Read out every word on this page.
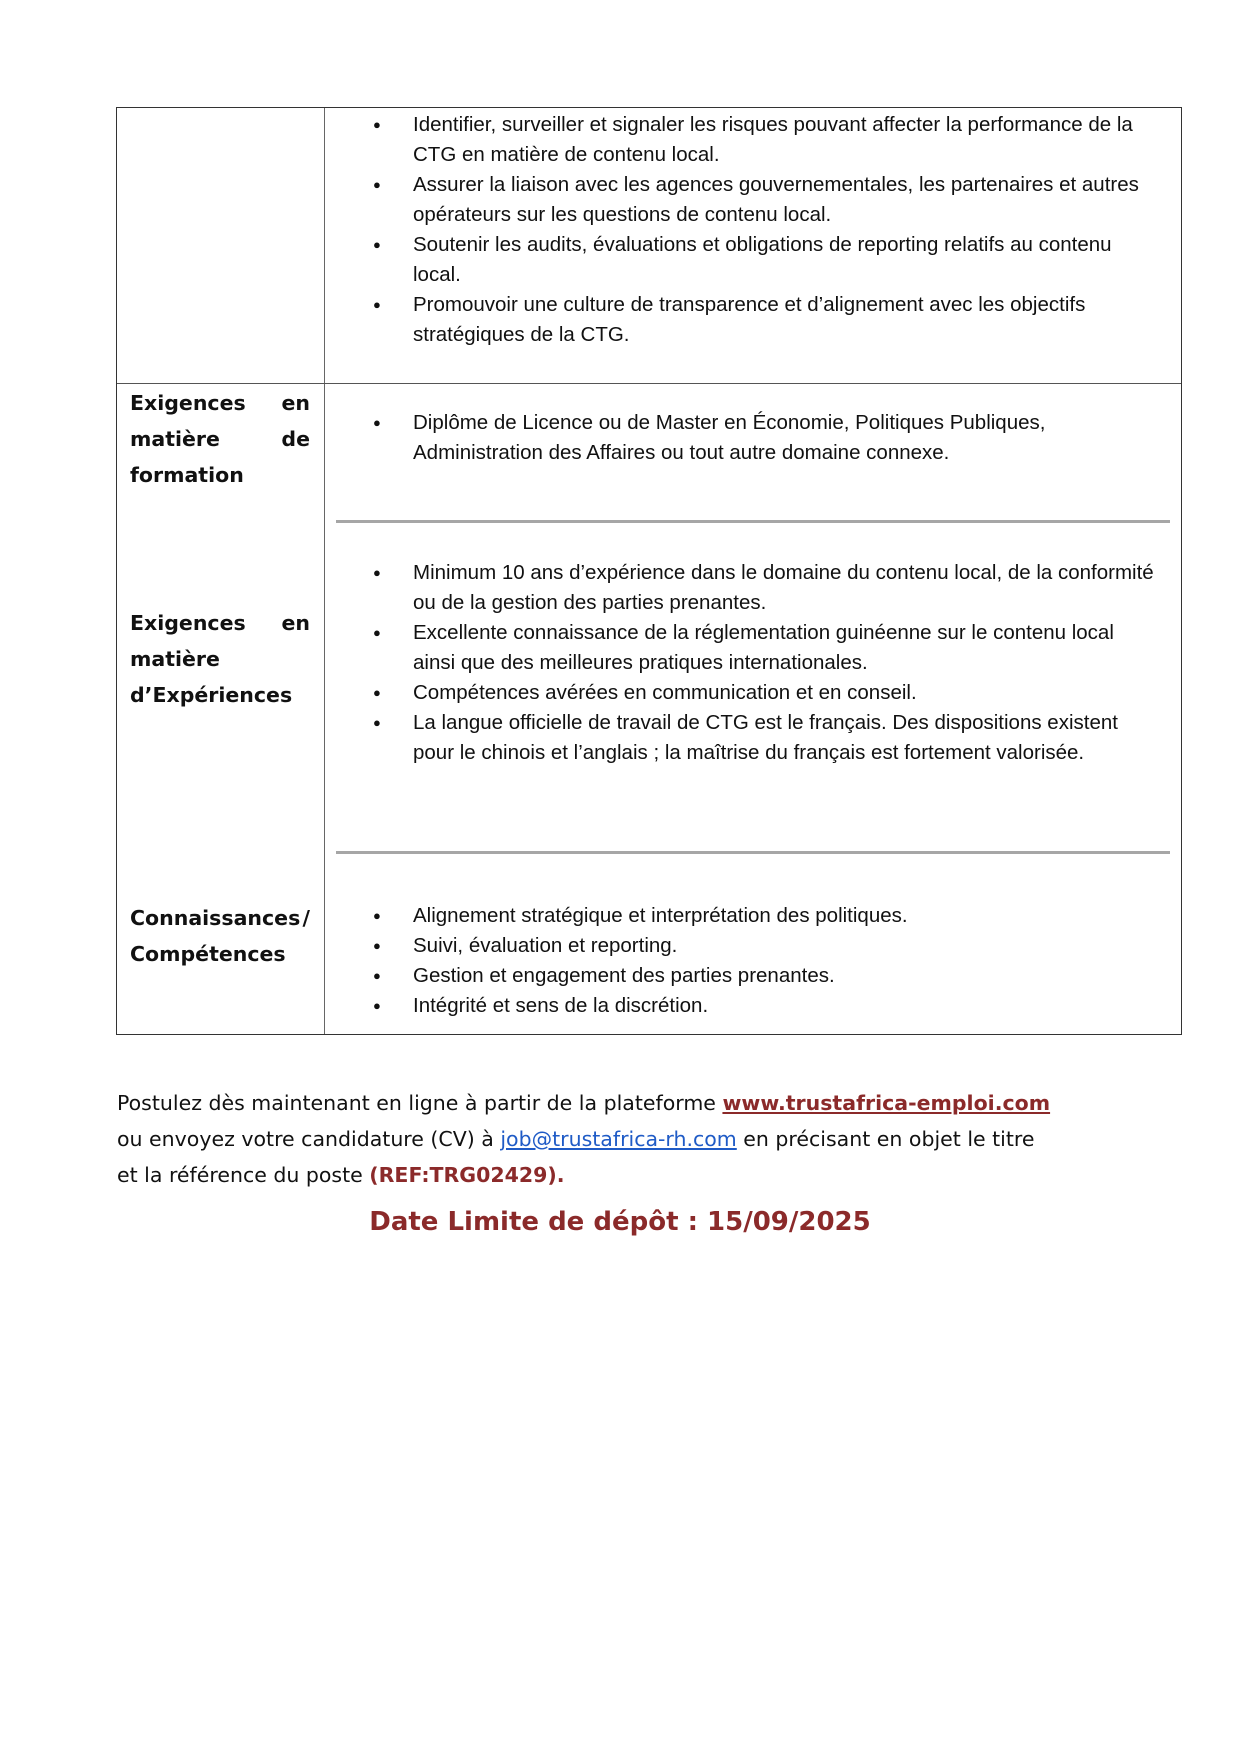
● Identifier, surveiller et signaler les risques pouvant affecter la performance de la CTG en matière de contenu local.
● Assurer la liaison avec les agences gouvernementales, les partenaires et autres opérateurs sur les questions de contenu local.
● Soutenir les audits, évaluations et obligations de reporting relatifs au contenu local.
● Promouvoir une culture de transparence et d’alignement avec les objectifs stratégiques de la CTG.
Exigences en
matière	de
formation
● Diplôme de Licence ou de Master en Économie, Politiques Publiques, Administration des Affaires ou tout autre domaine connexe.
Exigences en
matière
d’Expériences
● Minimum 10 ans d’expérience dans le domaine du contenu local, de la conformité ou de la gestion des parties prenantes.
● Excellente connaissance de la réglementation guinéenne sur le contenu local ainsi que des meilleures pratiques internationales.
● Compétences avérées en communication et en conseil.
● La langue officielle de travail de CTG est le français. Des dispositions existent pour le chinois et l’anglais ; la maîtrise du français est fortement valorisée.
Connaissances /
Compétences
● Alignement stratégique et interprétation des politiques.
● Suivi, évaluation et reporting.
● Gestion et engagement des parties prenantes.
● Intégrité et sens de la discrétion.
Postulez dès maintenant en ligne à partir de la plateforme www.trustafrica-emploi.com
ou envoyez votre candidature (CV) à job@trustafrica-rh.com en précisant en objet le titre
et la référence du poste (REF:TRG02429).
Date Limite de dépôt : 15/09/2025
